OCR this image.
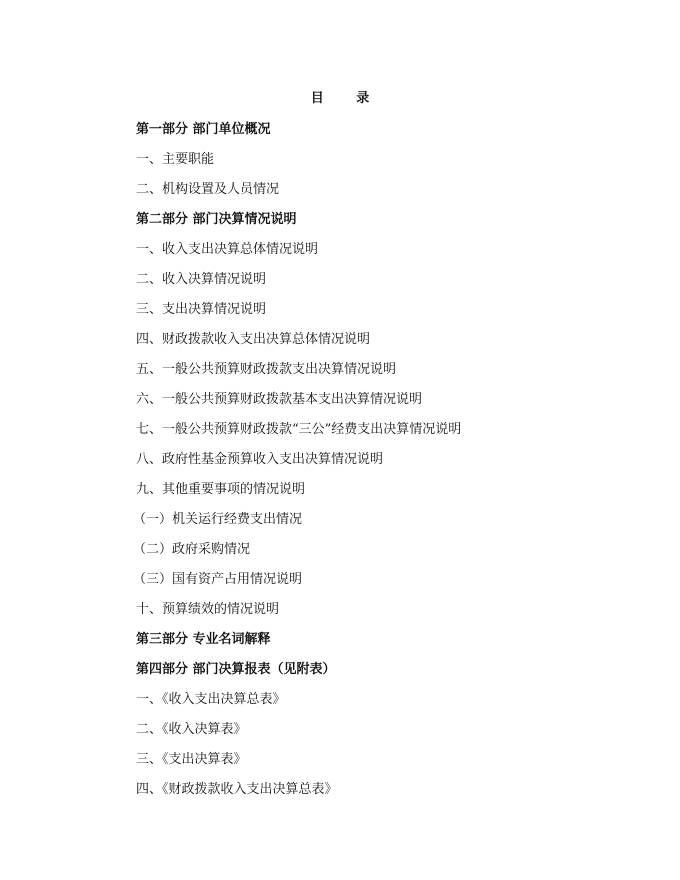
目 录
第一部分 部门单位概况
一、主要职能
二、机构设置及人员情况
第二部分 部门决算情况说明
一、收入支出决算总体情况说明
二、收入决算情况说明
三、支出决算情况说明
四、财政拨款收入支出决算总体情况说明
五、一般公共预算财政拨款支出决算情况说明
六、一般公共预算财政拨款基本支出决算情况说明
七、一般公共预算财政拨款“三公”经费支出决算情况说明
八、政府性基金预算收入支出决算情况说明
九、其他重要事项的情况说明
（一）机关运行经费支出情况
（二）政府采购情况
（三）国有资产占用情况说明
十、预算绩效的情况说明
第三部分 专业名词解释
第四部分 部门决算报表（见附表）
一、《收入支出决算总表》
二、《收入决算表》
三、《支出决算表》
四、《财政拨款收入支出决算总表》
